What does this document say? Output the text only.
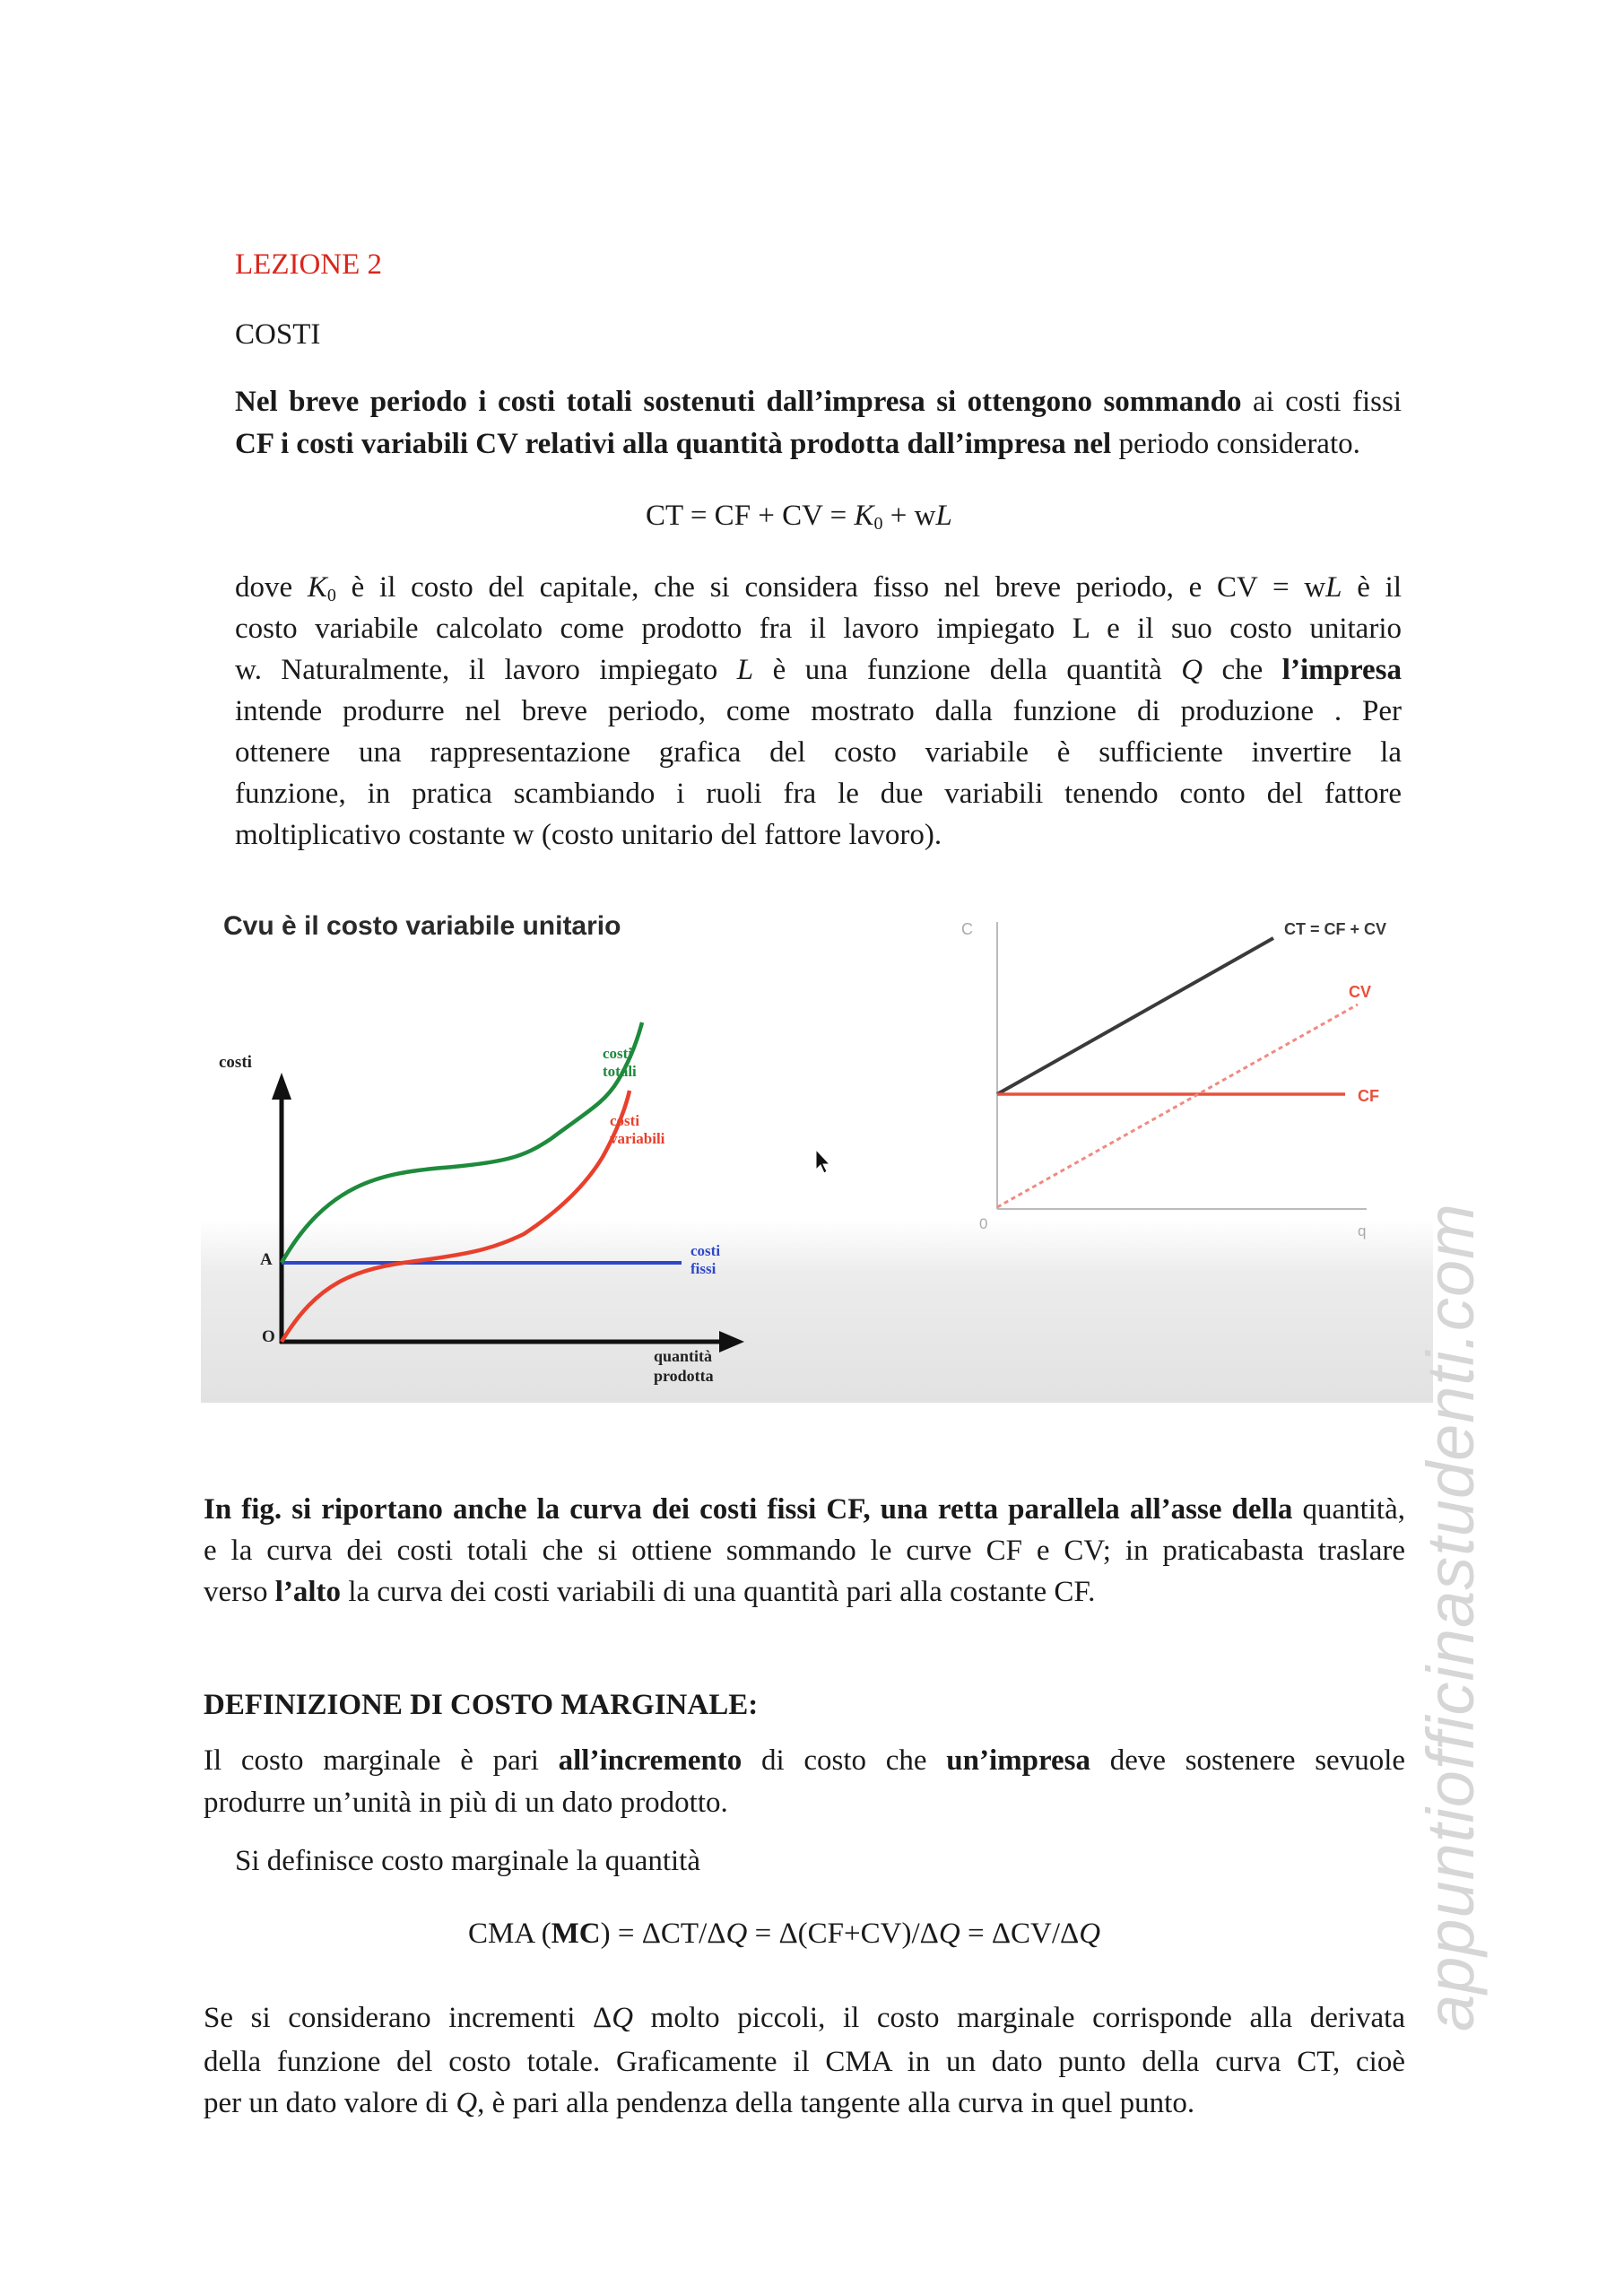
LEZIONE 2
COSTI
Nel breve periodo i costi totali sostenuti dall’impresa si ottengono sommando ai costi fissi
CF i costi variabili CV relativi alla quantità prodotta dall’impresa nel periodo considerato.
CT = CF + CV = $K_0$ + wL
dove $K_0$ è il costo del capitale, che si considera fisso nel breve periodo, e CV = wL è il
costo variabile calcolato come prodotto fra il lavoro impiegato L e il suo costo unitario
w. Naturalmente, il lavoro impiegato L è una funzione della quantità Q che l’impresa
intende produrre nel breve periodo, come mostrato dalla funzione di produzione . Per
ottenere una rappresentazione grafica del costo variabile è sufficiente invertire la
funzione, in pratica scambiando i ruoli fra le due variabili tenendo conto del fattore
moltiplicativo costante w (costo unitario del fattore lavoro).
Cvu è il costo variabile unitario
costi
A
O
quantità
prodotta
costi
totali
costi
variabili
costi
fissi
C
0	q
CT = CF + CV
CV
CF
In fig. si riportano anche la curva dei costi fissi CF, una retta parallela all’asse della quantità,
e la curva dei costi totali che si ottiene sommando le curve CF e CV; in praticabasta traslare
verso l’alto la curva dei costi variabili di una quantità pari alla costante CF.
DEFINIZIONE DI COSTO MARGINALE:
Il costo marginale è pari all’incremento di costo che un’impresa deve sostenere sevuole
produrre un’unità in più di un dato prodotto.
Si definisce costo marginale la quantità
CMA (MC) = ΔCT/ΔQ = Δ(CF+CV)/ΔQ = ΔCV/ΔQ
Se si considerano incrementi ΔQ molto piccoli, il costo marginale corrisponde alla derivata
della funzione del costo totale. Graficamente il CMA in un dato punto della curva CT, cioè
per un dato valore di Q, è pari alla pendenza della tangente alla curva in quel punto.
appuntiofficinastudenti.com
